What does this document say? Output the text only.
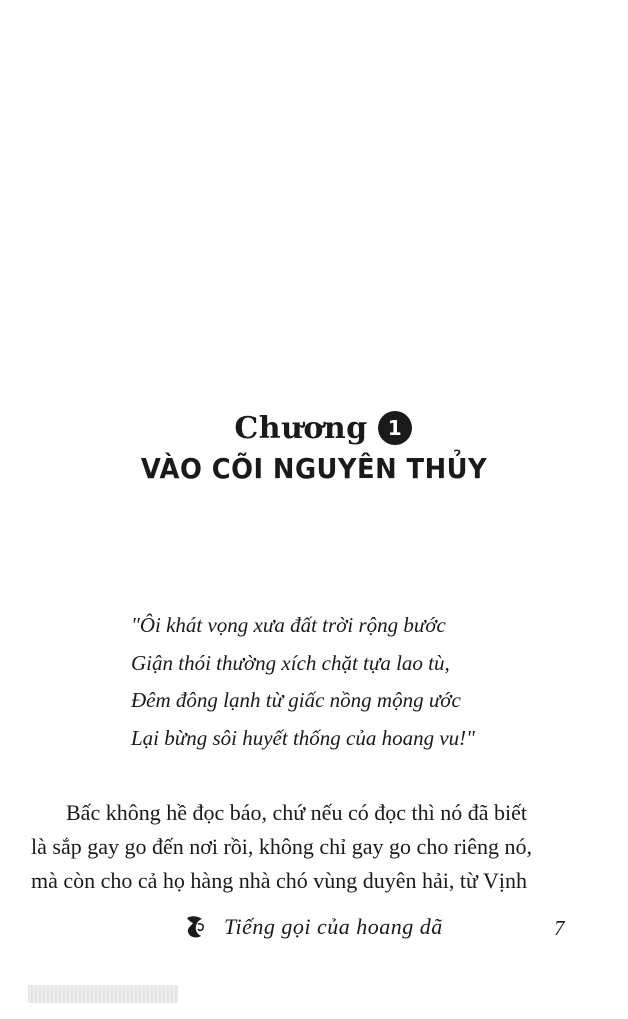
Chương	1
VÀO CÕI NGUYÊN THỦY
"Ôi khát vọng xưa đất trời rộng bước
Giận thói thường xích chặt tựa lao tù,
Đêm đông lạnh từ giấc nồng mộng ước
Lại bừng sôi huyết thống của hoang vu!"
Bấc không hề đọc báo, chứ nếu có đọc thì nó đã biết
là sắp gay go đến nơi rồi, không chỉ gay go cho riêng nó,
mà còn cho cả họ hàng nhà chó vùng duyên hải, từ Vịnh
Tiếng gọi của hoang dã	7
